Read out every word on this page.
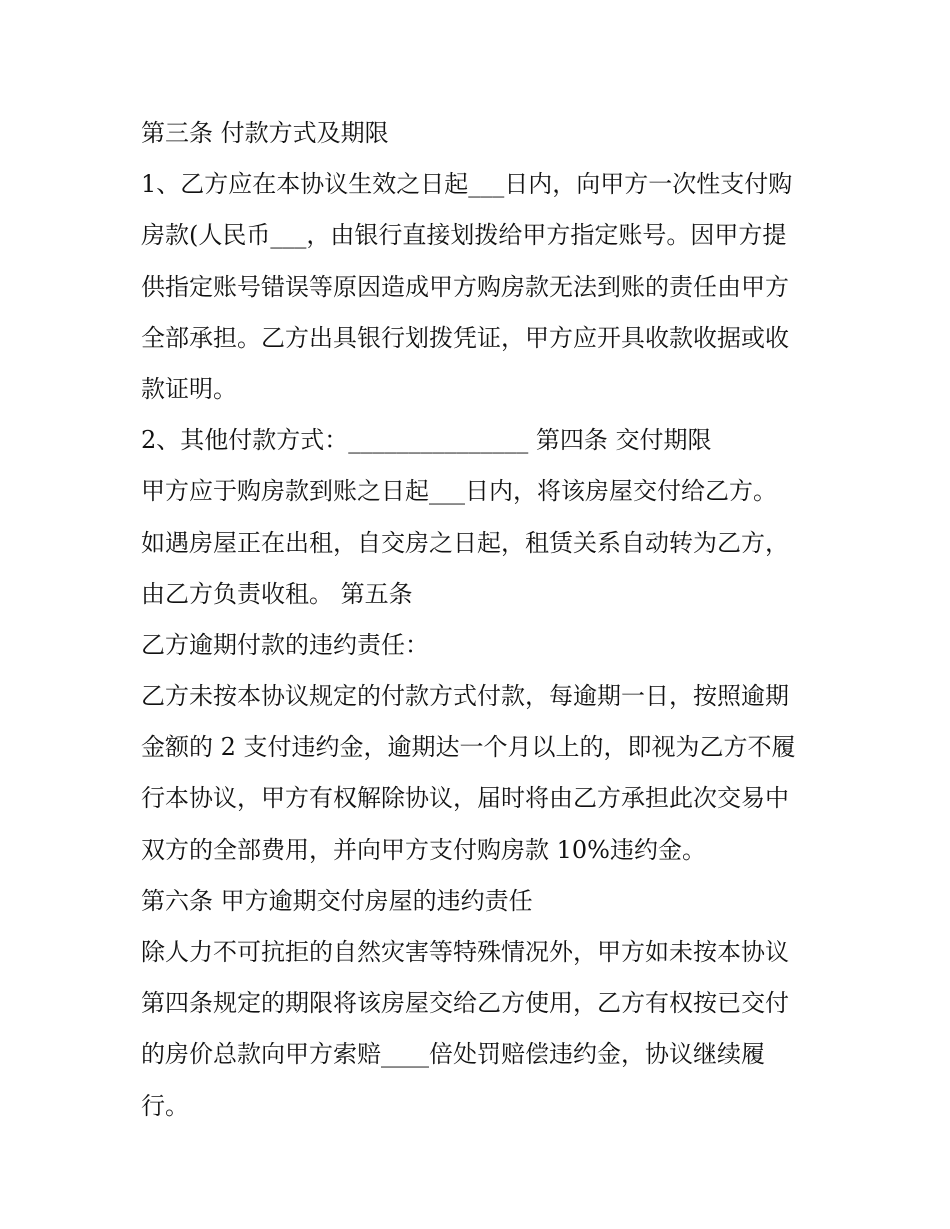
第三条 付款方式及期限
1、乙方应在本协议生效之日起___日内，向甲方一次性支付购
房款(人民币___，由银行直接划拨给甲方指定账号。因甲方提
供指定账号错误等原因造成甲方购房款无法到账的责任由甲方
全部承担。乙方出具银行划拨凭证，甲方应开具收款收据或收
款证明。
2、其他付款方式：_______________ 第四条 交付期限
甲方应于购房款到账之日起___日内，将该房屋交付给乙方。
如遇房屋正在出租，自交房之日起，租赁关系自动转为乙方，
由乙方负责收租。 第五条
乙方逾期付款的违约责任：
乙方未按本协议规定的付款方式付款，每逾期一日，按照逾期
金额的 2 支付违约金，逾期达一个月以上的，即视为乙方不履
行本协议，甲方有权解除协议，届时将由乙方承担此次交易中
双方的全部费用，并向甲方支付购房款 10%违约金。
第六条 甲方逾期交付房屋的违约责任
除人力不可抗拒的自然灾害等特殊情况外，甲方如未按本协议
第四条规定的期限将该房屋交给乙方使用，乙方有权按已交付
的房价总款向甲方索赔____倍处罚赔偿违约金，协议继续履
行。
